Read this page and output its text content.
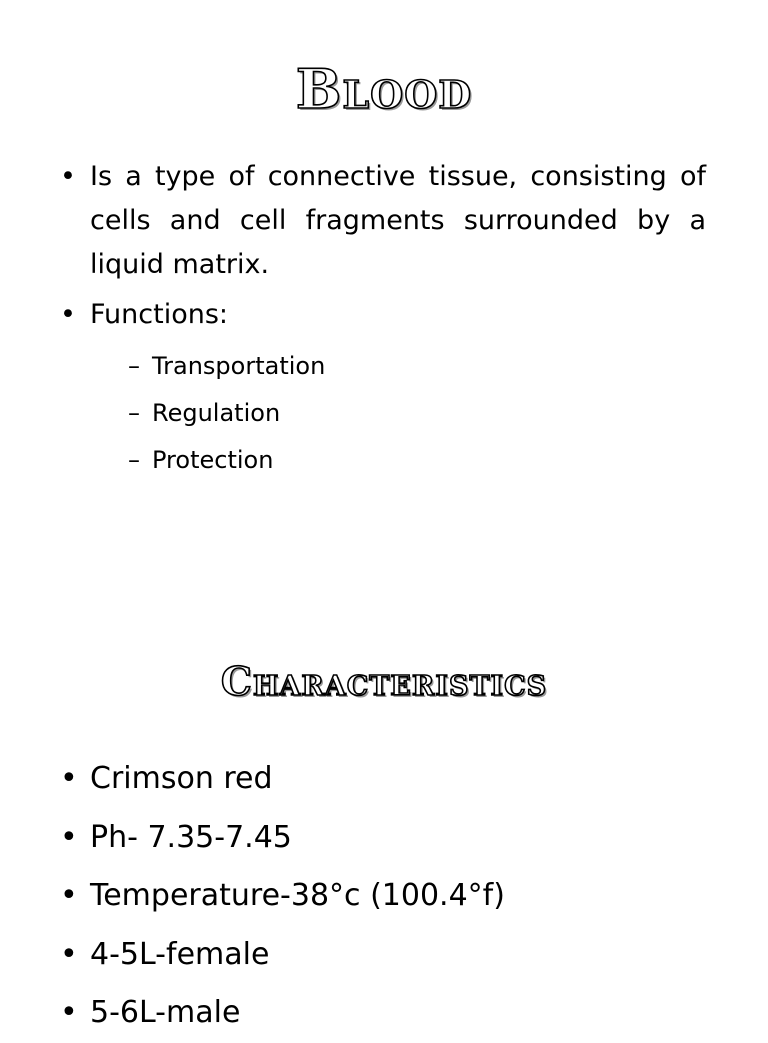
Blood
• Is a type of connective tissue, consisting of cells and cell fragments surrounded by a liquid matrix.
• Functions:
– Transportation
– Regulation
– Protection
Characteristics
• Crimson red
• Ph- 7.35-7.45
• Temperature-38°c (100.4°f)
• 4-5L-female
• 5-6L-male
